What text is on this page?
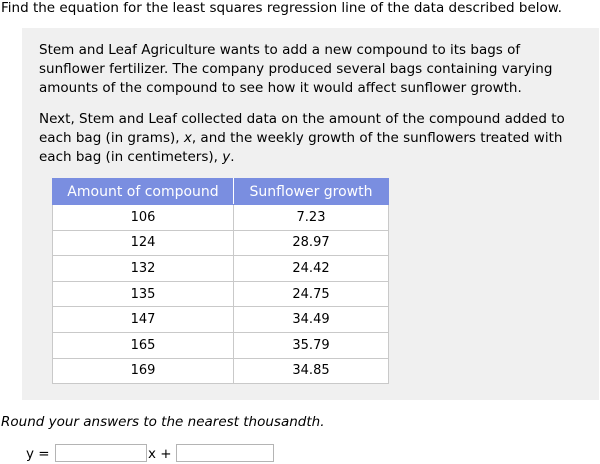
Find the equation for the least squares regression line of the data described below.

Stem and Leaf Agriculture wants to add a new compound to its bags of sunflower fertilizer. The company produced several bags containing varying amounts of the compound to see how it would affect sunflower growth.

Next, Stem and Leaf collected data on the amount of the compound added to each bag (in grams), x, and the weekly growth of the sunflowers treated with each bag (in centimeters), y.

Amount of compound	Sunflower growth
106	7.23
124	28.97
132	24.42
135	24.75
147	34.49
165	35.79
169	34.85
Round your answers to the nearest thousandth.
y =	x +
